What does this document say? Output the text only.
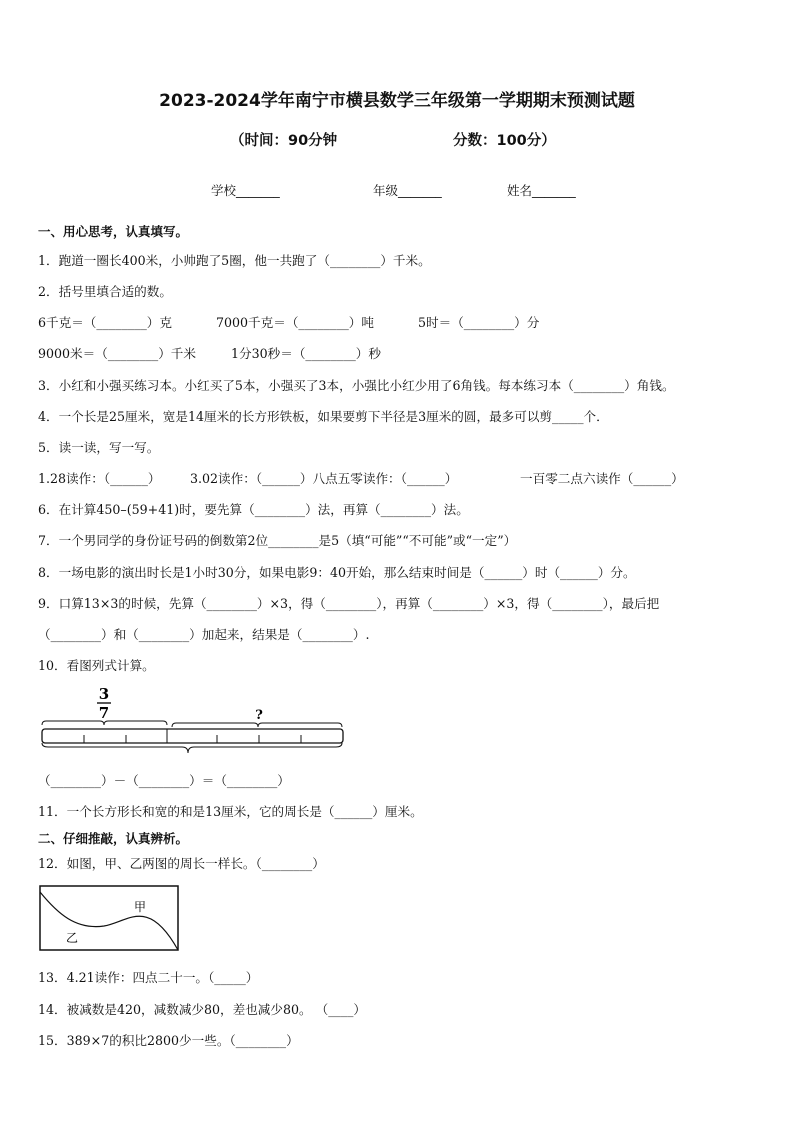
2023-2024学年南宁市横县数学三年级第一学期期末预测试题
（时间：90分钟	分数：100分）
学校_______	年级_______	姓名_______
一、用心思考，认真填写。
1．跑道一圈长400米，小帅跑了5圈，他一共跑了（________）千米。
2．括号里填合适的数。
6千克＝（________）克	7000千克＝（________）吨	5时＝（________）分
9000米＝（________）千米	1分30秒＝（________）秒
3．小红和小强买练习本。小红买了5本，小强买了3本，小强比小红少用了6角钱。每本练习本（________）角钱。
4．一个长是25厘米，宽是14厘米的长方形铁板，如果要剪下半径是3厘米的圆，最多可以剪_____个．
5．读一读，写一写。
1.28读作：（______） 3.02读作：（______）八点五零读作：（______）	一百零二点六读作（______）
6．在计算450–(59+41)时，要先算（________）法，再算（________）法。
7．一个男同学的身份证号码的倒数第2位________是5（填“可能”“不可能”或“一定”）
8．一场电影的演出时长是1小时30分，如果电影9：40开始，那么结束时间是（______）时（______）分。
9．口算13×3的时候，先算（________）×3，得（________），再算（________）×3，得（________），最后把
（________）和（________）加起来，结果是（________）.
10．看图列式计算。
3
7	?
（________）－（________）＝（________）
11．一个长方形长和宽的和是13厘米，它的周长是（______）厘米。
二、仔细推敲，认真辨析。
12．如图，甲、乙两图的周长一样长。（________）
甲
乙
13．4.21读作：四点二十一。（_____）
14．被减数是420，减数减少80，差也减少80。 （____）
15．389×7的积比2800少一些。（________）
